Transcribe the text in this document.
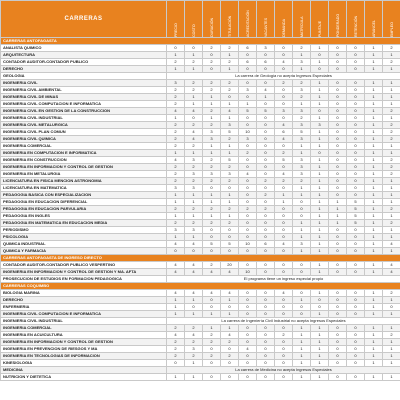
CARRERAS	PRECIO	COSTO	DURACIÓN	TITULACIÓN	ACREDITACIÓN	VACANTES	DEMANDA	MATRÍCULA	PUNTAJE	PONDERADO	RETENCIÓN	ARANCEL	EMPLEO

CARRERAS ANTOFAGASTA													
ANALISTA QUIMICO	0	0	2	2	6	3	0	2	1	0	0	1	2
ARQUITECTURA	1	1	0	1	0	0	0	1	0	0	0	1	1
CONTADOR AUDITOR-CONTADOR PUBLICO	2	2	2	2	6	6	4	3	1	0	0	1	2
DERECHO	1	1	0	1	0	0	0	1	0	0	0	1	1
GEOLOGIA	La carrera de Geología no acepta Ingresos Especiales												
INGENIERIA CIVIL	3	2	2	2	0	0	2	2	1	0	0	1	1
INGENIERIA CIVIL AMBIENTAL	2	2	2	2	3	4	0	3	1	0	0	1	1
INGENIERIA CIVIL DE MINAS	2	1	1	0	0	1	0	2	1	0	0	1	1
INGENIERIA CIVIL COMPUTACION E INFORMATICA	2	1	1	1	1	0	0	1	1	0	0	1	1
INGENIERIA CIVIL EN GESTION DE LA CONSTRUCCION	4	4	2	4	5	5	3	3	0	0	0	1	2
INGENIERIA CIVIL INDUSTRIAL	1	0	1	1	0	0	0	2	1	0	0	1	1
INGENIERIA CIVIL METALURGICA	2	2	2	3	0	0	4	3	3	0	0	1	2
INGENIERIA CIVIL PLAN COMUN	2	4	3	5	10	0	6	5	1	0	0	1	2
INGENIERIA CIVIL QUIMICA	2	4	3	2	3	0	4	3	1	0	0	1	2
INGENIERIA COMERCIAL	2	2	1	1	0	0	0	1	1	0	0	1	1
INGENIERIA EN COMPUTACION E INFORMATICA	1	1	1	1	2	0	2	1	0	0	0	1	1
INGENIERIA EN CONSTRUCCION	4	3	2	5	0	0	5	3	1	0	0	1	2
INGENIERIA EN INFORMACION Y CONTROL DE GESTION	2	2	2	2	0	0	0	3	1	0	0	1	2
INGENIERIA EN METALURGIA	2	3	3	3	4	0	4	3	1	0	0	1	2
LICENCIATURA EN FISICA MENCION ASTRONOMIA	2	2	2	2	0	2	2	2	1	0	0	1	1
LICENCIATURA EN MATEMATICA	3	3	0	0	0	0	0	1	1	0	0	1	1
PEDAGOGIA BASICA CON ESPECIALIZACION	1	1	1	1	0	2	1	1	1	0	0	1	1
PEDAGOGIA EN EDUCACION DIFERENCIAL	1	1	1	1	0	0	1	0	1	1	5	1	1
PEDAGOGIA EN EDUCACION PARVULARIA	2	2	2	2	2	2	0	0	1	1	5	1	2
PEDAGOGIA EN INGLES	1	1	1	1	0	0	0	0	1	1	5	1	1
PEDAGOGIA EN MATEMATICA EN EDUCACION MEDIA	2	2	2	2	0	0	0	1	1	1	5	1	2
PERIODISMO	3	3	0	0	0	0	0	1	1	0	0	1	1
PSICOLOGIA	1	1	0	0	0	0	0	1	1	0	0	1	1
QUIMICA INDUSTRIAL	4	4	5	5	10	6	4	3	1	0	0	1	4
QUIMICA Y FARMACIA	0	0	0	0	0	0	0	1	1	0	0	1	1
CARRERAS ANTOFAGASTA DE INGRESO DIRECTO													
CONTADOR AUDITOR-CONTADOR PUBLICO VESPERTINO	4	4	2	20	0	0	0	0	1	0	0	1	4
INGENIERIA EN INFORMACION Y CONTROL DE GESTION Y MA. AFTA	4	4	4	4	10	0	0	0	1	0	0	1	4
PROSECUCION DE ESTUDIOS EN FORMACION PEDAGOGICA	El programa tiene un ingreso especial propio												
CARRERAS COQUIMBO													
BIOLOGIA MARINA	4	4	4	4	0	0	4	0	1	0	0	1	2
DERECHO	1	1	0	1	0	0	0	1	0	0	0	1	1
ENFERMERIA	1	0	0	0	0	0	0	0	0	0	0	1	0
INGENIERIA CIVIL COMPUTACION E INFORMATICA	1	1	1	1	0	0	0	0	1	0	0	1	1
INGENIERIA CIVIL INDUSTRIAL	La carrera de Ingeniería Civil Industrial no acepta Ingresos Especiales												
INGENIERIA COMERCIAL	2	2	1	1	0	0	0	1	1	0	0	1	1
INGENIERIA EN ACUICULTURA	4	4	2	4	0	0	2	1	1	0	0	1	2
INGENIERIA EN INFORMACION Y CONTROL DE GESTION	2	2	2	2	0	0	0	1	1	0	0	1	1
INGENIERIA EN PREVENCION DE RIESGOS Y MA	2	3	0	0	4	0	0	1	1	0	0	1	1
INGENIERIA EN TECNOLOGIAS DE INFORMACION	2	2	2	2	0	0	0	1	1	0	0	1	1
KINESIOLOGIA	0	1	0	0	0	0	0	1	1	0	0	1	1
MEDICINA	La carrera de Medicina no acepta Ingresos Especiales												
NUTRICION Y DIETETICA	1	1	0	0	0	0	0	1	1	0	0	1	1
